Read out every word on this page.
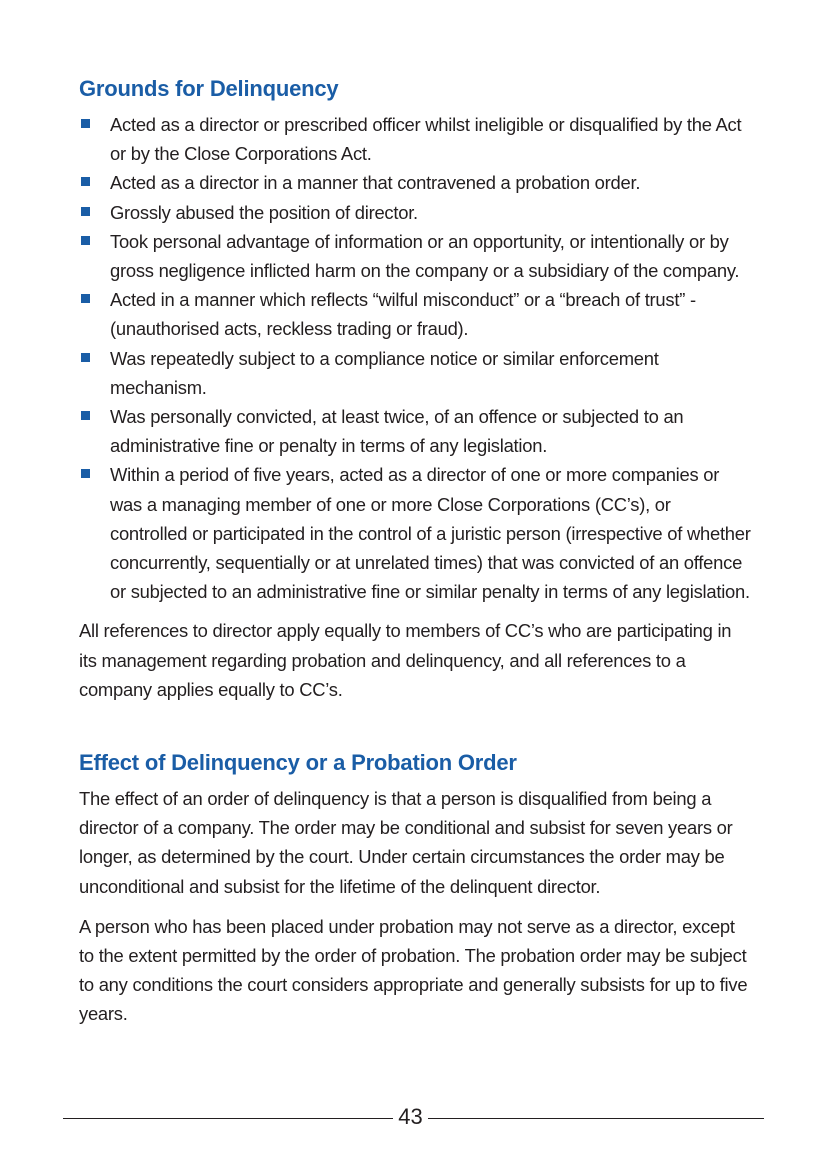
Grounds for Delinquency
Acted as a director or prescribed officer whilst ineligible or disqualified by the Act or by the Close Corporations Act.
Acted as a director in a manner that contravened a probation order.
Grossly abused the position of director.
Took personal advantage of information or an opportunity, or intentionally or by gross negligence inflicted harm on the company or a subsidiary of the company.
Acted in a manner which reflects “wilful misconduct” or a “breach of trust” - (unauthorised acts, reckless trading or fraud).
Was repeatedly subject to a compliance notice or similar enforcement mechanism.
Was personally convicted, at least twice, of an offence or subjected to an administrative fine or penalty in terms of any legislation.
Within a period of five years, acted as a director of one or more companies or was a managing member of one or more Close Corporations (CC’s), or controlled or participated in the control of a juristic person (irrespective of whether concurrently, sequentially or at unrelated times) that was convicted of an offence or subjected to an administrative fine or similar penalty in terms of any legislation.

All references to director apply equally to members of CC’s who are participating in its management regarding probation and delinquency, and all references to a company applies equally to CC’s.

Effect of Delinquency or a Probation Order

The effect of an order of delinquency is that a person is disqualified from being a director of a company. The order may be conditional and subsist for seven years or longer, as determined by the court. Under certain circumstances the order may be unconditional and subsist for the lifetime of the delinquent director.

A person who has been placed under probation may not serve as a director, except to the extent permitted by the order of probation. The probation order may be subject to any conditions the court considers appropriate and generally subsists for up to five years.

43
